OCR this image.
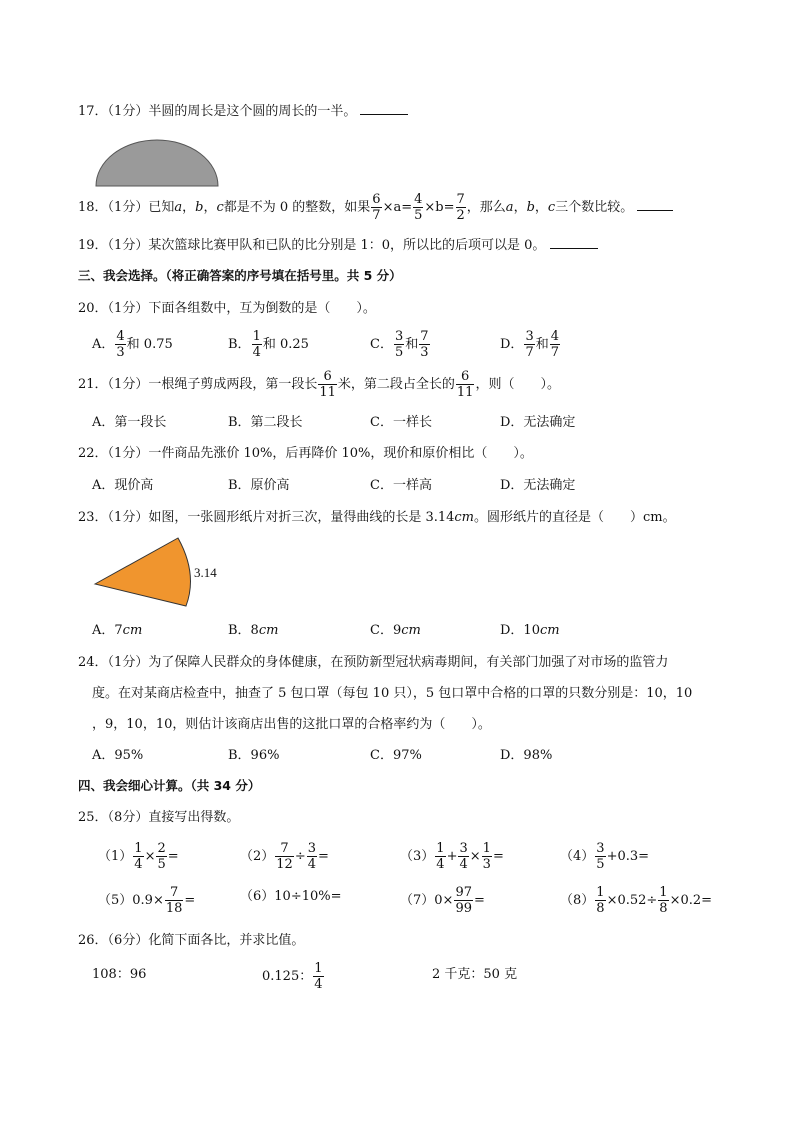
17．（1分）半圆的周长是这个圆的周长的一半。
18．（1分）已知a，b，c都是不为 0 的整数，如果 $\frac{6}{7} \times a= \frac{4}{5} \times b= \frac{7}{2}$ ，那么a，b，c三个数比较。
19．（1分）某次篮球比赛甲队和已队的比分别是 1：0，所以比的后项可以是 0。
三、我会选择。（将正确答案的序号填在括号里。共 5 分）
20．（1分）下面各组数中，互为倒数的是（　　）。
A． $\frac{4}{3}$ 和 0.75	B． $\frac{1}{4}$ 和 0.25	C． $\frac{3}{5}$ 和 $\frac{7}{3}$	D． $\frac{3}{7}$ 和 $\frac{4}{7}$
21．（1分）一根绳子剪成两段，第一段长 $\frac{6}{11}$ 米，第二段占全长的 $\frac{6}{11}$ ，则（　　）。
A．第一段长	B．第二段长	C．一样长	D．无法确定
22．（1分）一件商品先涨价 10%，后再降价 10%，现价和原价相比（　　）。
A．现价高	B．原价高	C．一样高	D．无法确定
23．（1分）如图，一张圆形纸片对折三次，量得曲线的长是 3.14cm。圆形纸片的直径是（　　）cm。
3.14
A．7cm	B．8cm	C．9cm	D．10cm
24．（1分）为了保障人民群众的身体健康，在预防新型冠状病毒期间，有关部门加强了对市场的监管力
度。在对某商店检查中，抽查了 5 包口罩（每包 10 只），5 包口罩中合格的口罩的只数分别是：10，10
，9，10，10，则估计该商店出售的这批口罩的合格率约为（　　）。
A．95%	B．96%	C．97%	D．98%
四、我会细心计算。（共 34 分）
25．（8分）直接写出得数。
$(1) \frac{1}{4} \times \frac{2}{5}$ =	$(2) \frac{7}{12} \div \frac{3}{4}$ =	$(3) \frac{1}{4} + \frac{3}{4} \times \frac{1}{3}$ =	$(4) \frac{3}{5} +0.3=$
$(5)0.9\times \frac{7}{18}$ =	（6）10÷10%=	$(7)0\times \frac{97}{99}$ =	$(8) \frac{1}{8} \times 0.52\div \frac{1}{8} \times 0.2=$
26．（6分）化简下面各比，并求比值。
108：96	0.125： $\frac{1}{4}$	2 千克：50 克
